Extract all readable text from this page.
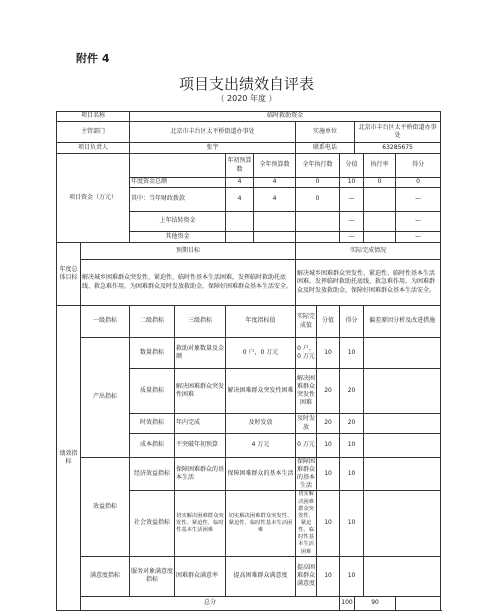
附件 4
项目支出绩效自评表
（ 2020 年度 ）
项目名称		临时救助资金									
主管部门		北京市丰台区太平桥街道办事处				实施单位			北京市丰台区太平桥街道办事处		
项目负责人		张宇				联系电话			63285675		
项目资金（万元）				年初预算数	全年预算数	全年执行数		分值		执行率	得分
		年度资金总额		4	4	0		10		0	0
		其中：当年财政拨款		4	4	0		—			—
		上年结转资金						—			—
		其他资金						—			—
年度总体目标	预期目标					实际完成情况					
	解决城乡困难群众突发性、紧迫性、临时性基本生活困难，发挥临时救助托底线、救急难作用，为困难群众及时发放救助金，保障好困难群众基本生活安全。					解决城乡困难群众突发性、紧迫性、临时性基本生活困难，发挥临时救助托底线、救急难作用，为困难群众及时发放救助金，保障好困难群众基本生活安全。					
绩效指标	一级指标	二级指标	三级指标	年度指标值		实际完成值	分值	得分		偏差原因分析及改进措施	
	产出指标	数量指标	救助对象数量及金额	0 户，0 万元		0 户，0 万元	10	10			
		质量指标	解决困难群众突发性困难	解决困难群众突发性困难		解决困难群众突发性困难	20	20			
		时效指标	年内完成	及时发放		及时发放	20	20			
		成本指标	不突破年初预算	4 万元		0 万元	10	10			
	效益指标	经济效益指标	保障困难群众的基本生活	保障困难群众的基本生活		保障困难群众的基本生活	10	10			
		社会效益指标	切实解决困难群众突发性、紧迫性、临时性基本生活困难	切实解决困难群众突发性、紧迫性、临时性基本生活困难		切实解决困难群众突发性、紧迫性、临时性基本生活困难	10	10			
	满意度指标	服务对象满意度指标	困难群众满意率	提高困难群众满意度		提高困难群众满意度	10	10			
	总分							100	90		
